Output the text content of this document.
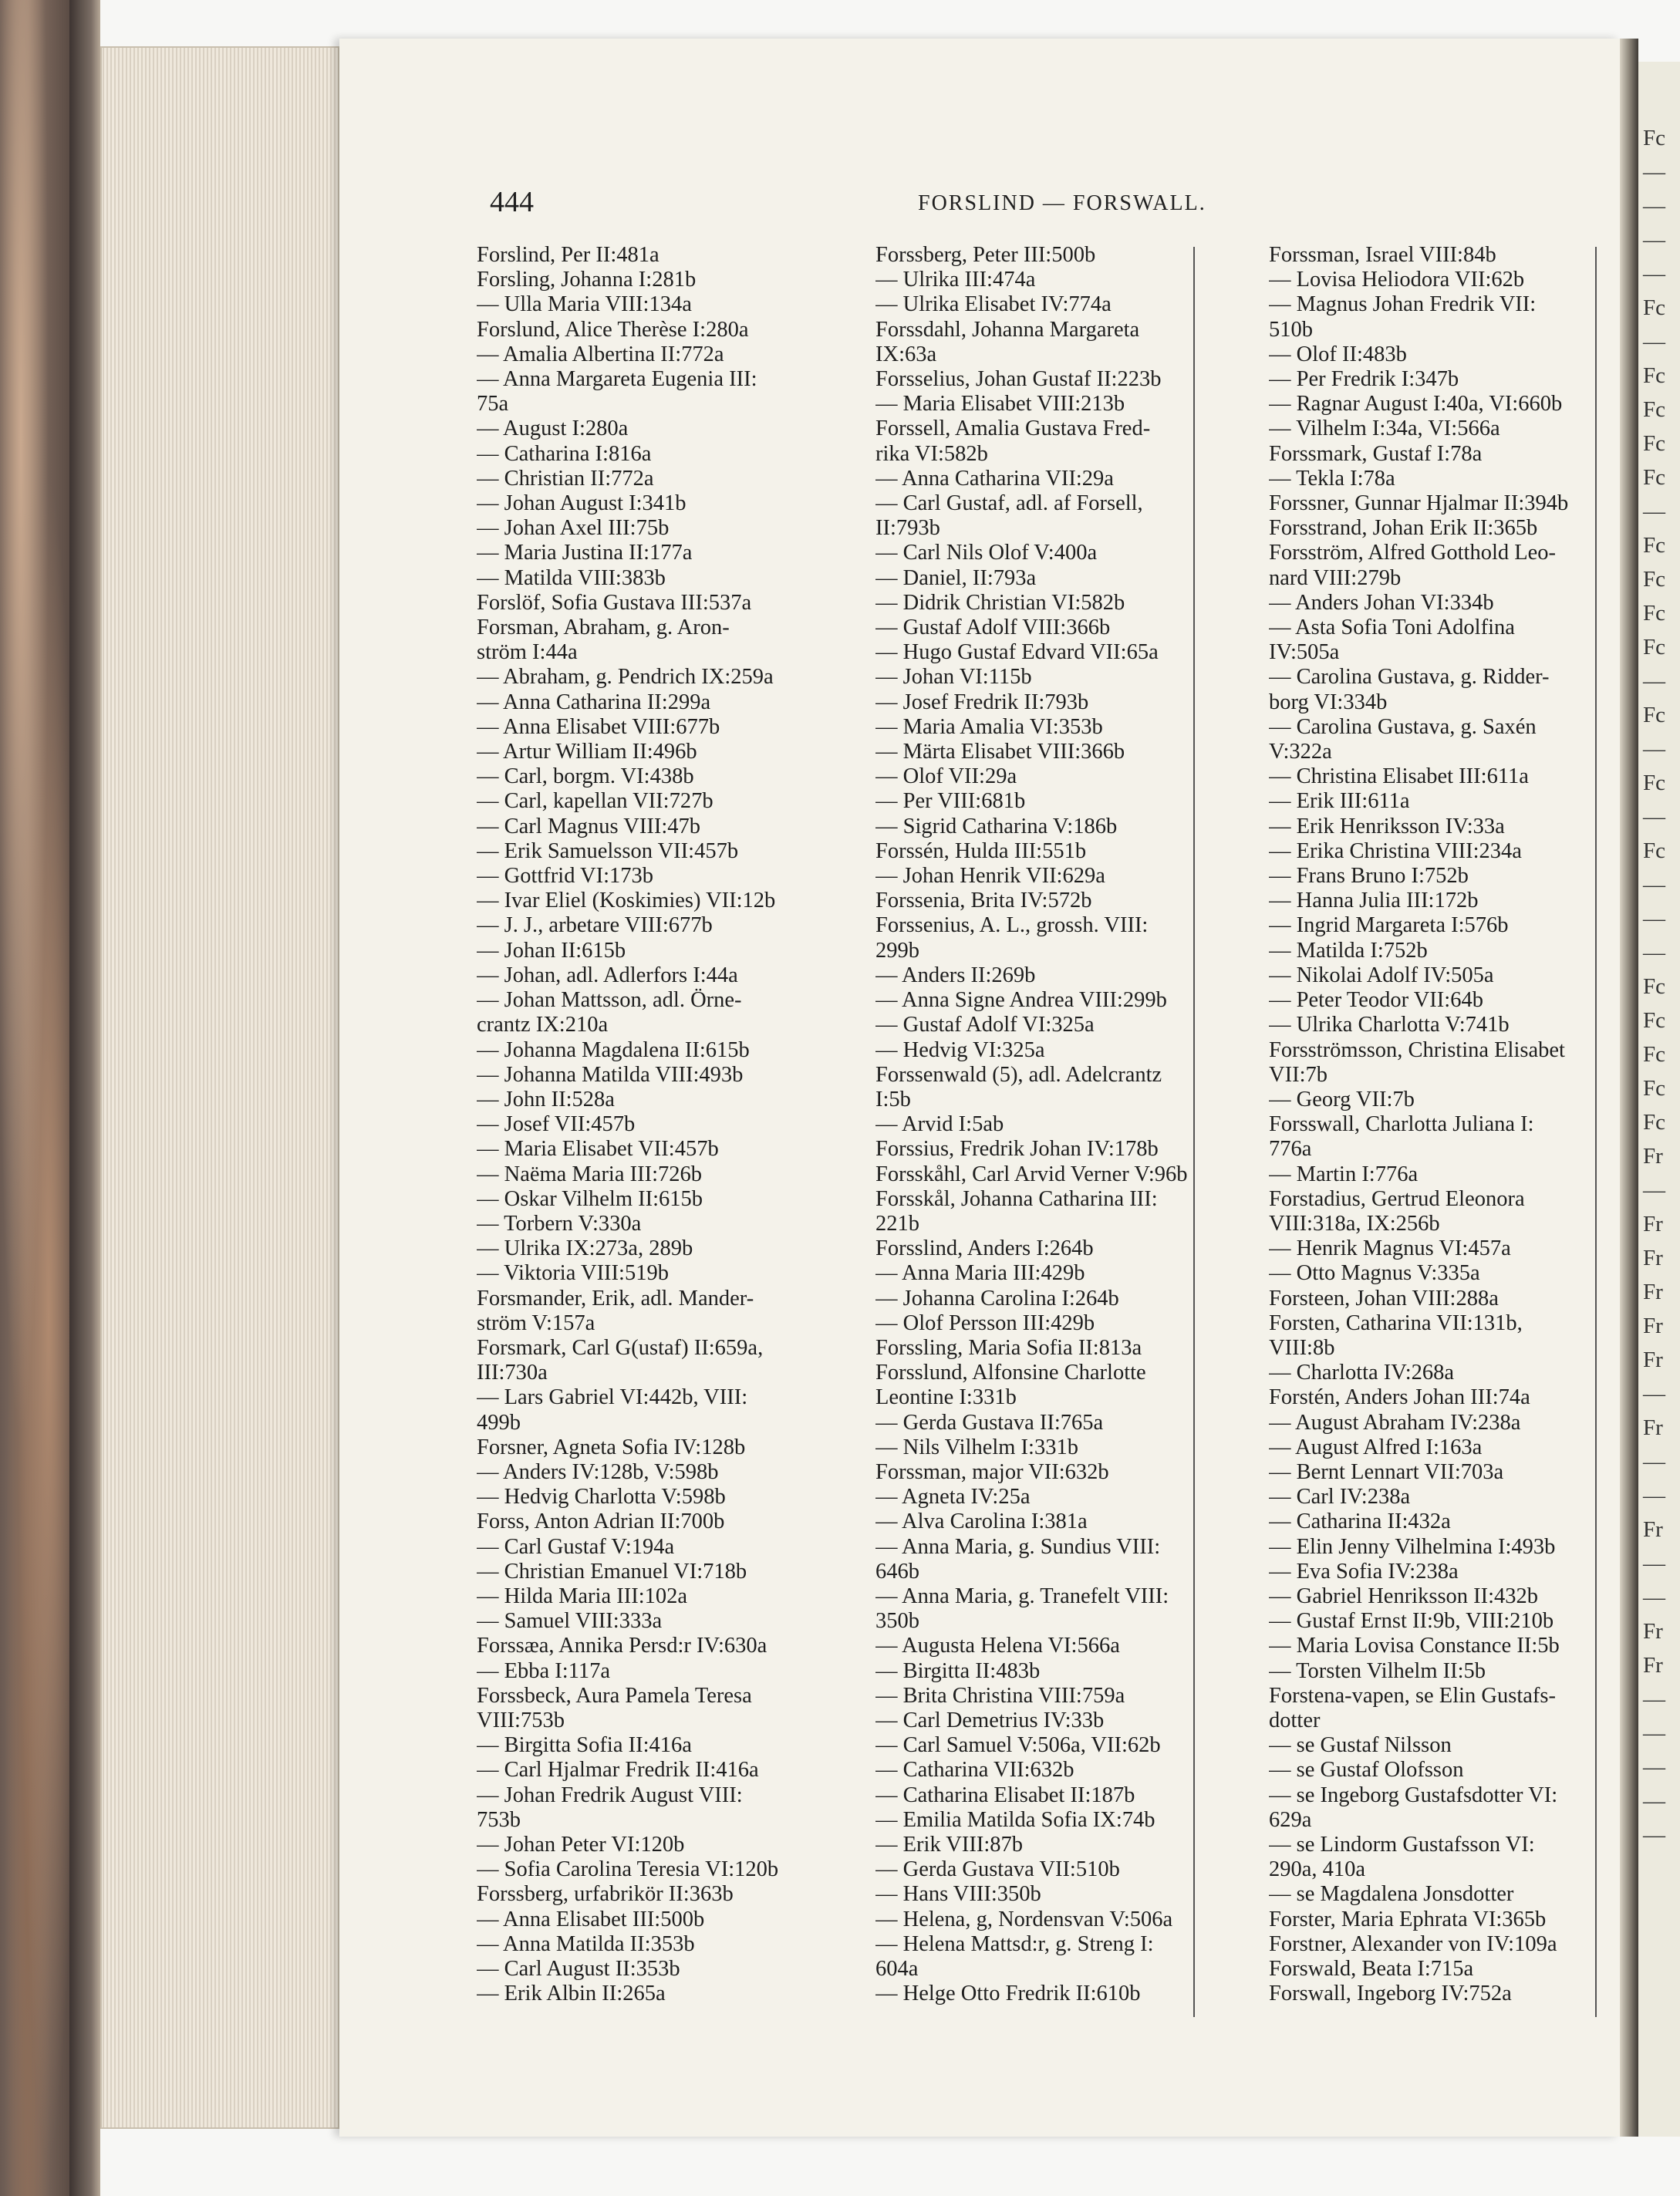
444	FORSLIND — FORSWALL.

Forslind, Per II:481a

Forsling, Johanna I:281b

— Ulla Maria VIII:134a

Forslund, Alice Therèse I:280a

— Amalia Albertina II:772a

— Anna Margareta Eugenia III:

75a

— August I:280a

— Catharina I:816a

— Christian II:772a

— Johan August I:341b

— Johan Axel III:75b

— Maria Justina II:177a

— Matilda VIII:383b

Forslöf, Sofia Gustava III:537a

Forsman, Abraham, g. Aron-

ström I:44a

— Abraham, g. Pendrich IX:259a

— Anna Catharina II:299a

— Anna Elisabet VIII:677b

— Artur William II:496b

— Carl, borgm. VI:438b

— Carl, kapellan VII:727b

— Carl Magnus VIII:47b

— Erik Samuelsson VII:457b

— Gottfrid VI:173b

— Ivar Eliel (Koskimies) VII:12b

— J. J., arbetare VIII:677b

— Johan II:615b

— Johan, adl. Adlerfors I:44a

— Johan Mattsson, adl. Örne-

crantz IX:210a

— Johanna Magdalena II:615b

— Johanna Matilda VIII:493b

— John II:528a

— Josef VII:457b

— Maria Elisabet VII:457b

— Naëma Maria III:726b

— Oskar Vilhelm II:615b

— Torbern V:330a

— Ulrika IX:273a, 289b

— Viktoria VIII:519b

Forsmander, Erik, adl. Mander-

ström V:157a

Forsmark, Carl G(ustaf) II:659a,

III:730a

— Lars Gabriel VI:442b, VIII:

499b

Forsner, Agneta Sofia IV:128b

— Anders IV:128b, V:598b

— Hedvig Charlotta V:598b

Forss, Anton Adrian II:700b

— Carl Gustaf V:194a

— Christian Emanuel VI:718b

— Hilda Maria III:102a

— Samuel VIII:333a

Forssæa, Annika Persd:r IV:630a

— Ebba I:117a

Forssbeck, Aura Pamela Teresa

VIII:753b

— Birgitta Sofia II:416a

— Carl Hjalmar Fredrik II:416a

— Johan Fredrik August VIII:

753b

— Johan Peter VI:120b

— Sofia Carolina Teresia VI:120b

Forssberg, urfabrikör II:363b

— Anna Elisabet III:500b

— Anna Matilda II:353b

— Carl August II:353b

— Erik Albin II:265a

Forssberg, Peter III:500b

— Ulrika III:474a

— Ulrika Elisabet IV:774a

Forssdahl, Johanna Margareta

IX:63a

Forsselius, Johan Gustaf II:223b

— Maria Elisabet VIII:213b

Forssell, Amalia Gustava Fred-

rika VI:582b

— Anna Catharina VII:29a

— Carl Gustaf, adl. af Forsell,

II:793b

— Carl Nils Olof V:400a

— Daniel, II:793a

— Didrik Christian VI:582b

— Gustaf Adolf VIII:366b

— Hugo Gustaf Edvard VII:65a

— Johan VI:115b

— Josef Fredrik II:793b

— Maria Amalia VI:353b

— Märta Elisabet VIII:366b

— Olof VII:29a

— Per VIII:681b

— Sigrid Catharina V:186b

Forssén, Hulda III:551b

— Johan Henrik VII:629a

Forssenia, Brita IV:572b

Forssenius, A. L., grossh. VIII:

299b

— Anders II:269b

— Anna Signe Andrea VIII:299b

— Gustaf Adolf VI:325a

— Hedvig VI:325a

Forssenwald (5), adl. Adelcrantz

I:5b

— Arvid I:5ab

Forssius, Fredrik Johan IV:178b

Forsskåhl, Carl Arvid Verner V:96b

Forsskål, Johanna Catharina III:

221b

Forsslind, Anders I:264b

— Anna Maria III:429b

— Johanna Carolina I:264b

— Olof Persson III:429b

Forssling, Maria Sofia II:813a

Forsslund, Alfonsine Charlotte

Leontine I:331b

— Gerda Gustava II:765a

— Nils Vilhelm I:331b

Forssman, major VII:632b

— Agneta IV:25a

— Alva Carolina I:381a

— Anna Maria, g. Sundius VIII:

646b

— Anna Maria, g. Tranefelt VIII:

350b

— Augusta Helena VI:566a

— Birgitta II:483b

— Brita Christina VIII:759a

— Carl Demetrius IV:33b

— Carl Samuel V:506a, VII:62b

— Catharina VII:632b

— Catharina Elisabet II:187b

— Emilia Matilda Sofia IX:74b

— Erik VIII:87b

— Gerda Gustava VII:510b

— Hans VIII:350b

— Helena, g, Nordensvan V:506a

— Helena Mattsd:r, g. Streng I:

604a

— Helge Otto Fredrik II:610b

Forssman, Israel VIII:84b

— Lovisa Heliodora VII:62b

— Magnus Johan Fredrik VII:

510b

— Olof II:483b

— Per Fredrik I:347b

— Ragnar August I:40a, VI:660b

— Vilhelm I:34a, VI:566a

Forssmark, Gustaf I:78a

— Tekla I:78a

Forssner, Gunnar Hjalmar II:394b

Forsstrand, Johan Erik II:365b

Forsström, Alfred Gotthold Leo-

nard VIII:279b

— Anders Johan VI:334b

— Asta Sofia Toni Adolfina

IV:505a

— Carolina Gustava, g. Ridder-

borg VI:334b

— Carolina Gustava, g. Saxén

V:322a

— Christina Elisabet III:611a

— Erik III:611a

— Erik Henriksson IV:33a

— Erika Christina VIII:234a

— Frans Bruno I:752b

— Hanna Julia III:172b

— Ingrid Margareta I:576b

— Matilda I:752b

— Nikolai Adolf IV:505a

— Peter Teodor VII:64b

— Ulrika Charlotta V:741b

Forsströmsson, Christina Elisabet

VII:7b

— Georg VII:7b

Forsswall, Charlotta Juliana I:

776a

— Martin I:776a

Forstadius, Gertrud Eleonora

VIII:318a, IX:256b

— Henrik Magnus VI:457a

— Otto Magnus V:335a

Forsteen, Johan VIII:288a

Forsten, Catharina VII:131b,

VIII:8b

— Charlotta IV:268a

Forstén, Anders Johan III:74a

— August Abraham IV:238a

— August Alfred I:163a

— Bernt Lennart VII:703a

— Carl IV:238a

— Catharina II:432a

— Elin Jenny Vilhelmina I:493b

— Eva Sofia IV:238a

— Gabriel Henriksson II:432b

— Gustaf Ernst II:9b, VIII:210b

— Maria Lovisa Constance II:5b

— Torsten Vilhelm II:5b

Forstena-vapen, se Elin Gustafs-

dotter

— se Gustaf Nilsson

— se Gustaf Olofsson

— se Ingeborg Gustafsdotter VI:

629a

— se Lindorm Gustafsson VI:

290a, 410a

— se Magdalena Jonsdotter

Forster, Maria Ephrata VI:365b

Forstner, Alexander von IV:109a

Forswald, Beata I:715a

Forswall, Ingeborg IV:752a

Fc
—
—
—
—
Fc
—
Fc
Fc
Fc
Fc
—
Fc
Fc
Fc
Fc
—
Fc
—
Fc
—
Fc
—
—
—
Fc
Fc
Fc
Fc
Fc
Fr
—
Fr
Fr
Fr
Fr
Fr
—
Fr
—
—
Fr
—
—
Fr
Fr
—
—
—
—
—
